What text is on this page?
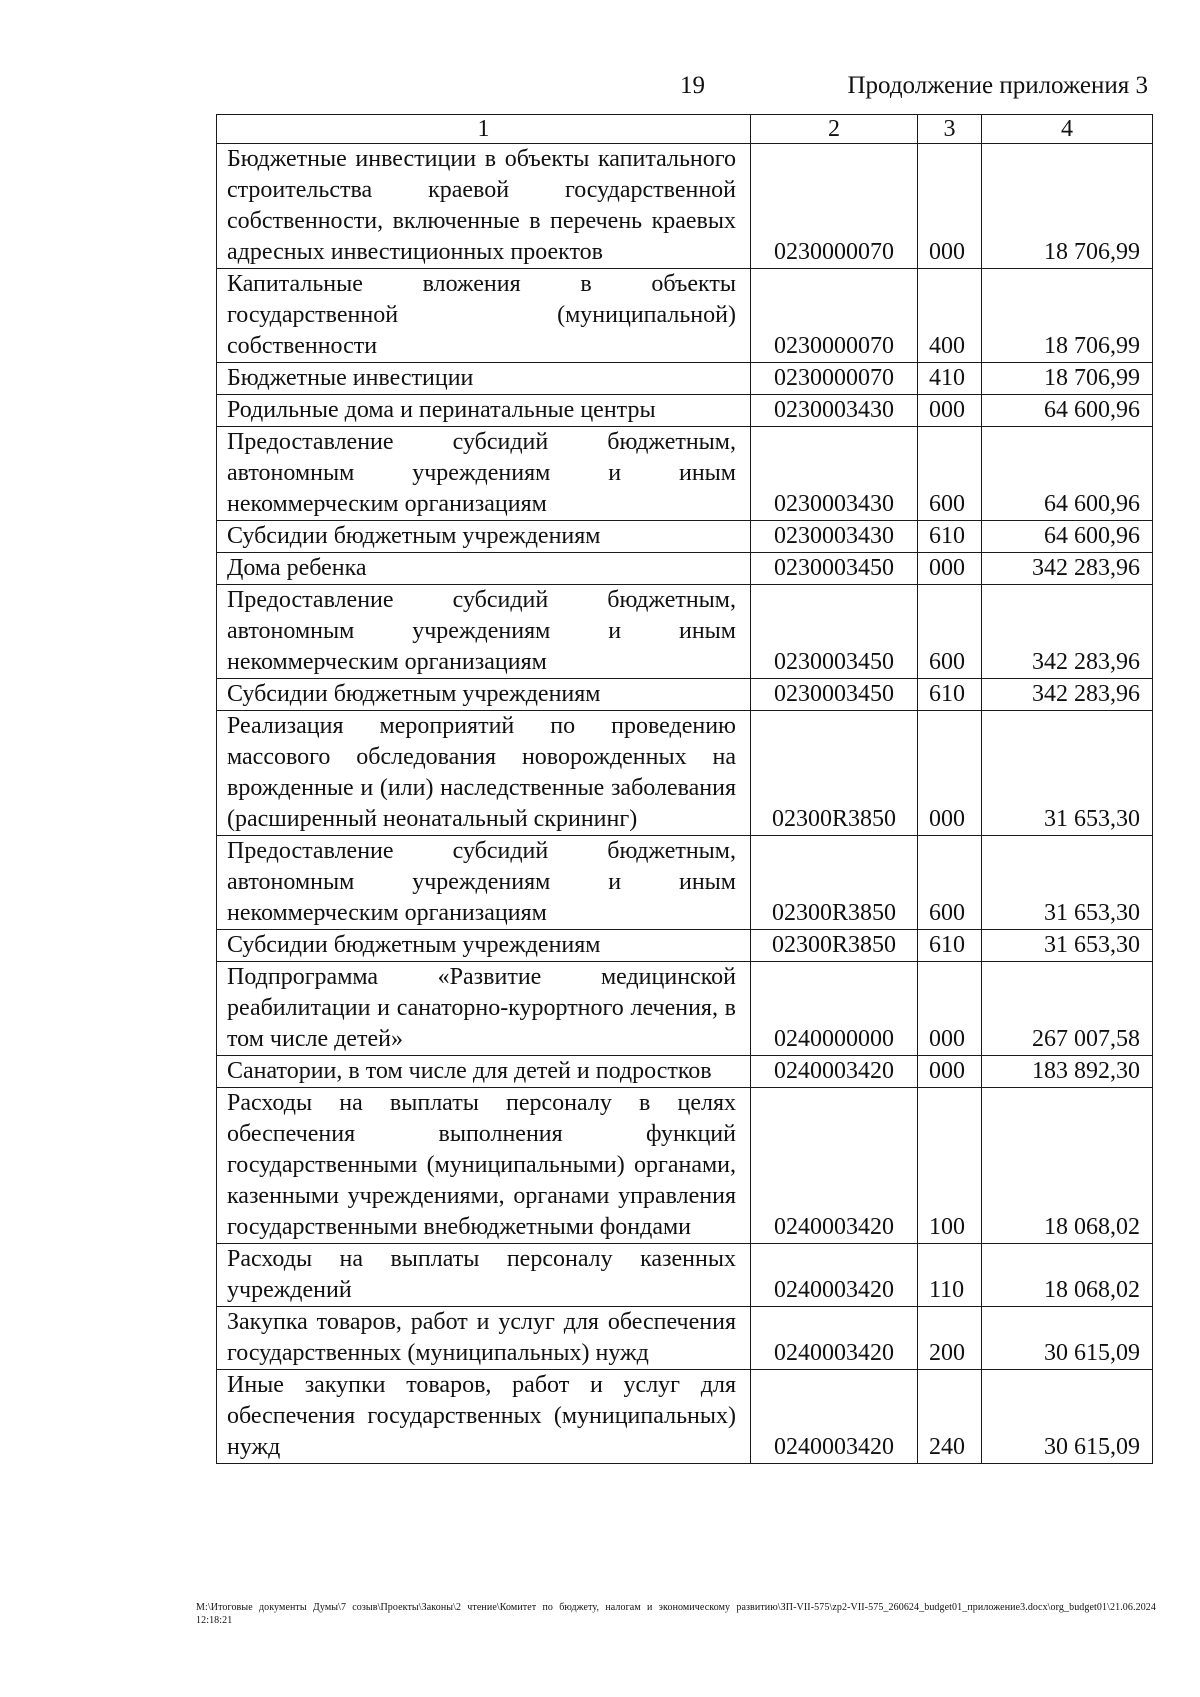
19	Продолжение приложения 3
1	2	3	4
Бюджетные инвестиции в объекты капитального строительства краевой государственной собственности, включенные в перечень краевых адресных инвестиционных проектов	0230000070	000	18 706,99
Капитальные вложения в объекты государственной (муниципальной) собственности	0230000070	400	18 706,99
Бюджетные инвестиции	0230000070	410	18 706,99
Родильные дома и перинатальные центры	0230003430	000	64 600,96
Предоставление субсидий бюджетным, автономным учреждениям и иным некоммерческим организациям	0230003430	600	64 600,96
Субсидии бюджетным учреждениям	0230003430	610	64 600,96
Дома ребенка	0230003450	000	342 283,96
Предоставление субсидий бюджетным, автономным учреждениям и иным некоммерческим организациям	0230003450	600	342 283,96
Субсидии бюджетным учреждениям	0230003450	610	342 283,96
Реализация мероприятий по проведению массового обследования новорожденных на врожденные и (или) наследственные заболевания (расширенный неонатальный скрининг)	02300R3850	000	31 653,30
Предоставление субсидий бюджетным, автономным учреждениям и иным некоммерческим организациям	02300R3850	600	31 653,30
Субсидии бюджетным учреждениям	02300R3850	610	31 653,30
Подпрограмма «Развитие медицинской реабилитации и санаторно-курортного лечения, в том числе детей»	0240000000	000	267 007,58
Санатории, в том числе для детей и подростков	0240003420	000	183 892,30
Расходы на выплаты персоналу в целях обеспечения выполнения функций государственными (муниципальными) органами, казенными учреждениями, органами управления государственными внебюджетными фондами	0240003420	100	18 068,02
Расходы на выплаты персоналу казенных учреждений	0240003420	110	18 068,02
Закупка товаров, работ и услуг для обеспечения государственных (муниципальных) нужд	0240003420	200	30 615,09
Иные закупки товаров, работ и услуг для обеспечения государственных (муниципальных) нужд	0240003420	240	30 615,09
M:\Итоговые документы Думы\7 созыв\Проекты\Законы\2 чтение\Комитет по бюджету, налогам и экономическому развитию\ЗП-VII-575\zp2-VII-575_260624_budget01_приложение3.docx\org_budget01\21.06.2024 12:18:21
